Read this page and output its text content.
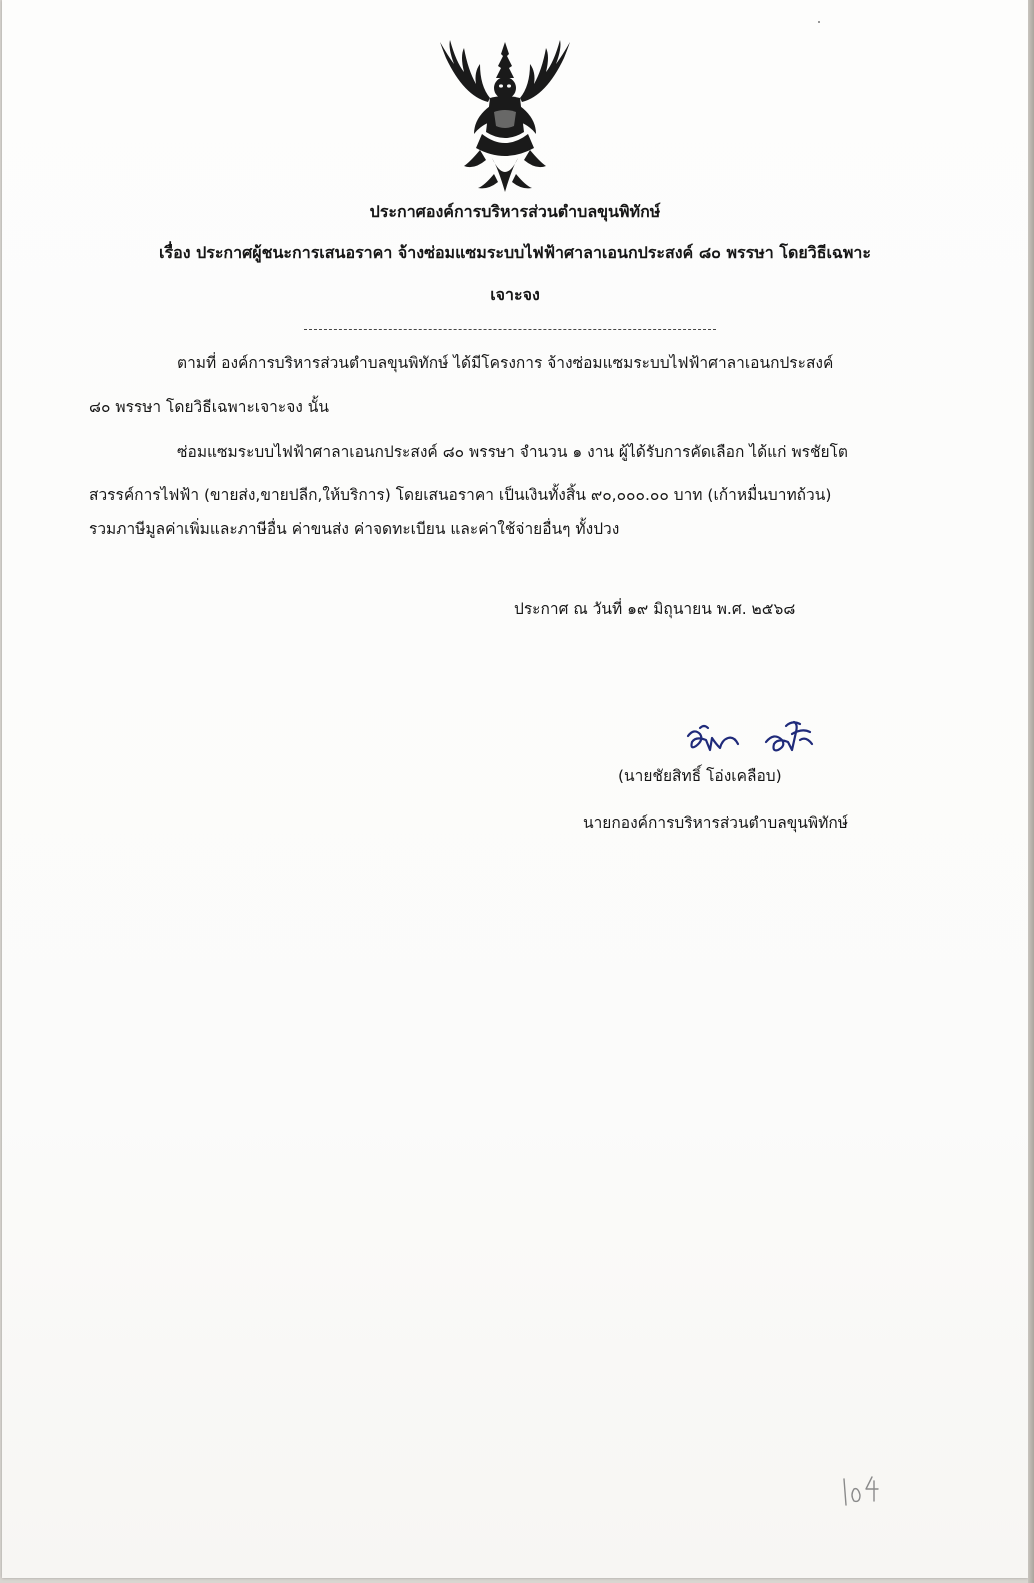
ประกาศองค์การบริหารส่วนตำบลขุนพิทักษ์
เรื่อง ประกาศผู้ชนะการเสนอราคา จ้างซ่อมแซมระบบไฟฟ้าศาลาเอนกประสงค์ ๘๐ พรรษา โดยวิธีเฉพาะ
เจาะจง
ตามที่ องค์การบริหารส่วนตำบลขุนพิทักษ์ ได้มีโครงการ จ้างซ่อมแซมระบบไฟฟ้าศาลาเอนกประสงค์
๘๐ พรรษา โดยวิธีเฉพาะเจาะจง นั้น
ซ่อมแซมระบบไฟฟ้าศาลาเอนกประสงค์ ๘๐ พรรษา จำนวน ๑ งาน ผู้ได้รับการคัดเลือก ได้แก่ พรชัยโต
สวรรค์การไฟฟ้า (ขายส่ง,ขายปลีก,ให้บริการ) โดยเสนอราคา เป็นเงินทั้งสิ้น ๙๐,๐๐๐.๐๐ บาท (เก้าหมื่นบาทถ้วน)
รวมภาษีมูลค่าเพิ่มและภาษีอื่น ค่าขนส่ง ค่าจดทะเบียน และค่าใช้จ่ายอื่นๆ ทั้งปวง
ประกาศ ณ วันที่ ๑๙ มิถุนายน พ.ศ. ๒๕๖๘
(นายชัยสิทธิ์ โอ่งเคลือบ)
นายกองค์การบริหารส่วนตำบลขุนพิทักษ์
